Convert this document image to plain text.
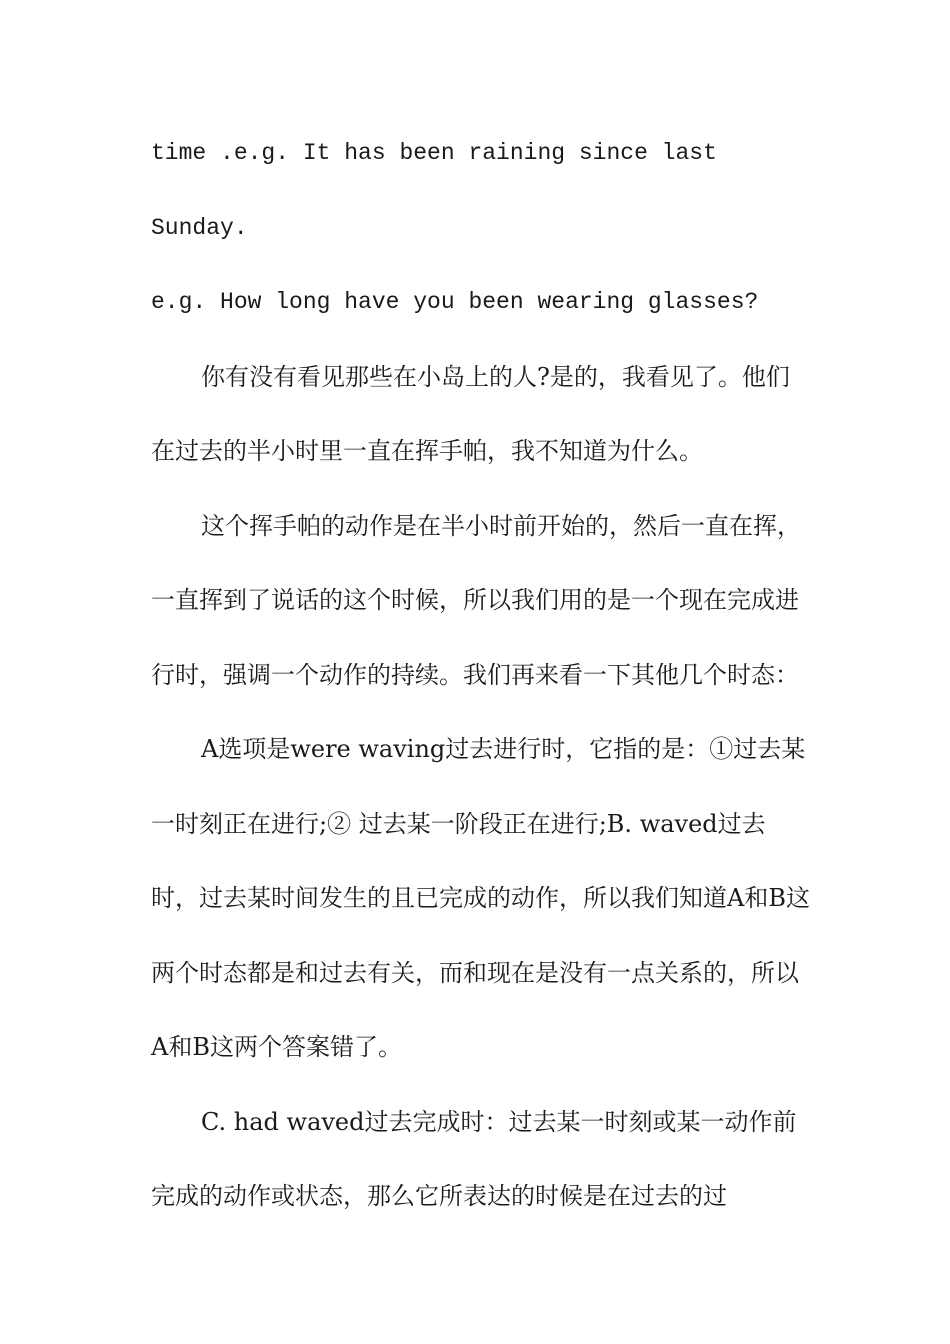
time .e.g. It has been raining since last Sunday.

e.g. How long have you been wearing glasses?

你有没有看见那些在小岛上的人?是的，我看见了。他们在过去的半小时里一直在挥手帕，我不知道为什么。

这个挥手帕的动作是在半小时前开始的，然后一直在挥，一直挥到了说话的这个时候，所以我们用的是一个现在完成进行时，强调一个动作的持续。我们再来看一下其他几个时态：

A选项是were waving过去进行时，它指的是：①过去某一时刻正在进行;② 过去某一阶段正在进行;B. waved过去时，过去某时间发生的且已完成的动作，所以我们知道A和B这两个时态都是和过去有关，而和现在是没有一点关系的，所以A和B这两个答案错了。

C. had waved过去完成时：过去某一时刻或某一动作前完成的动作或状态，那么它所表达的时候是在过去的过
